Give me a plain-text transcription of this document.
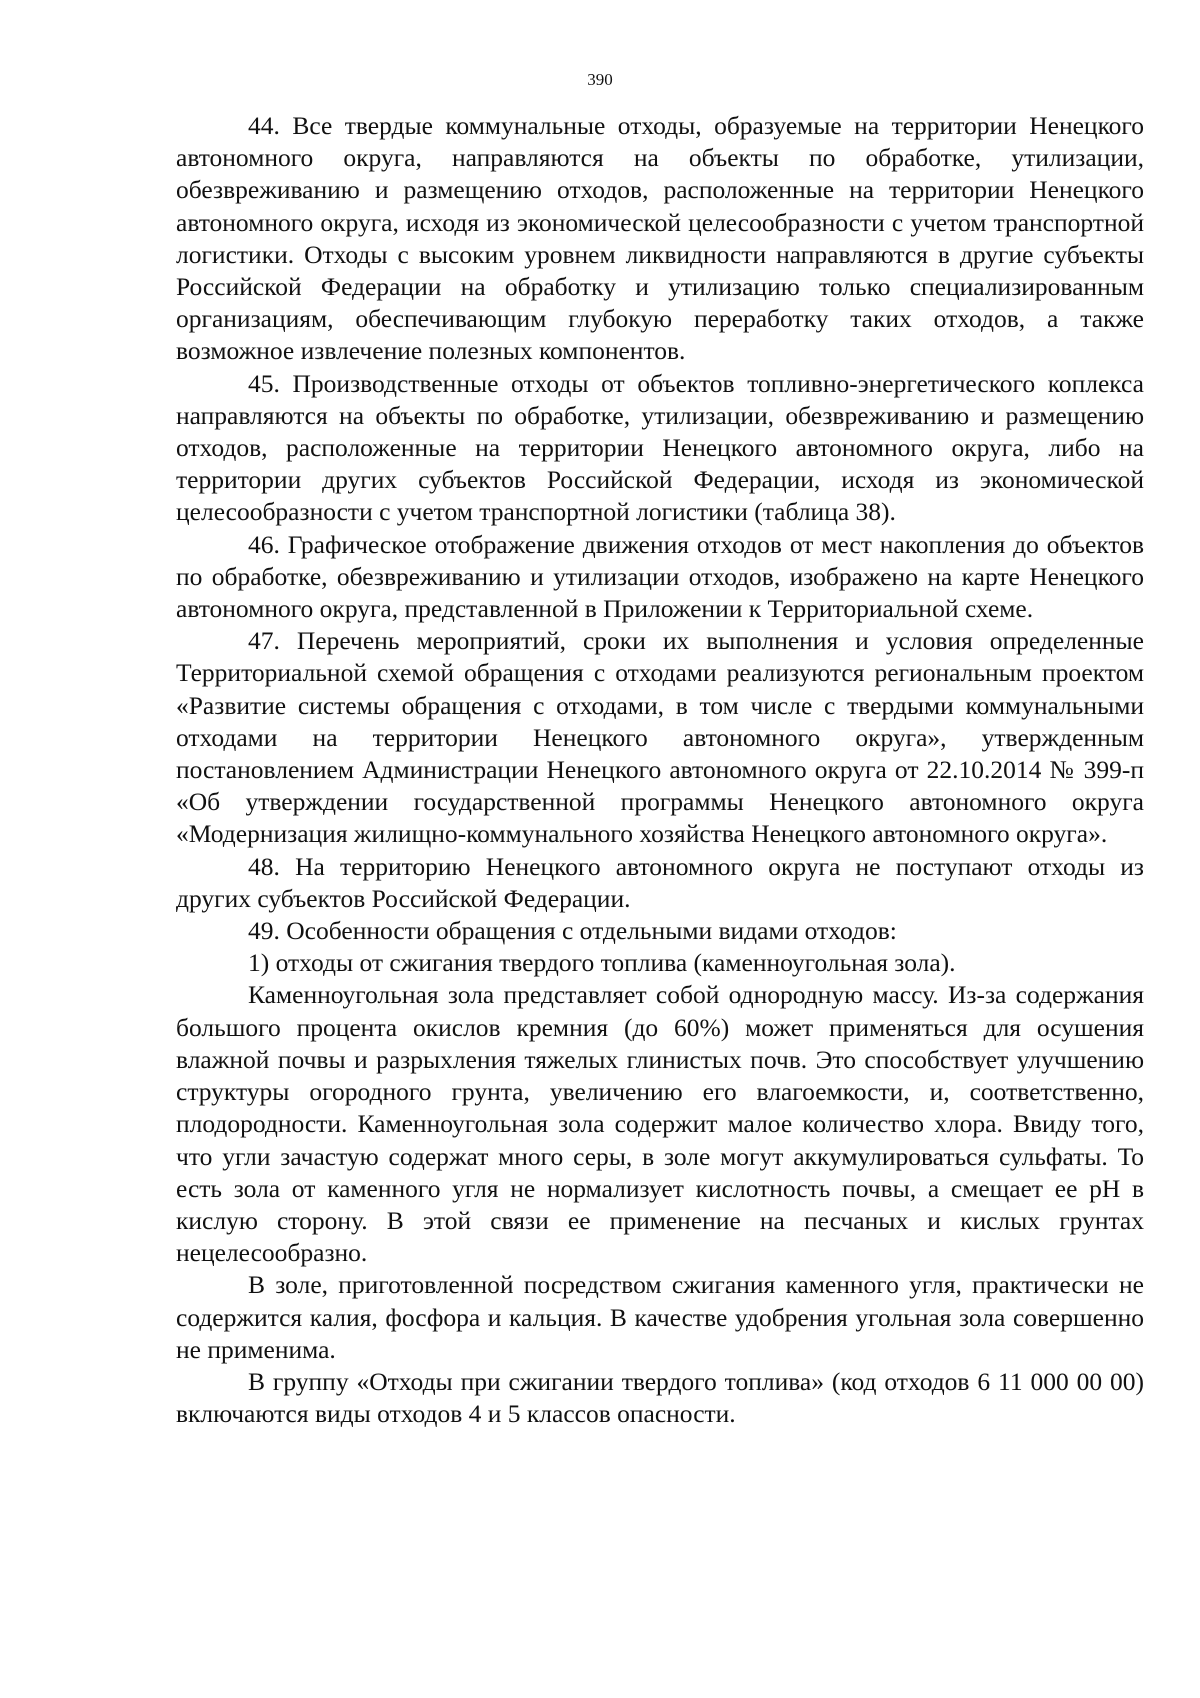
390

44. Все твердые коммунальные отходы, образуемые на территории Ненецкого автономного округа, направляются на объекты по обработке, утилизации, обезвреживанию и размещению отходов, расположенные на территории Ненецкого автономного округа, исходя из экономической целесообразности с учетом транспортной логистики. Отходы с высоким уровнем ликвидности направляются в другие субъекты Российской Федерации на обработку и утилизацию только специализированным организациям, обеспечивающим глубокую переработку таких отходов, а также возможное извлечение полезных компонентов.

45. Производственные отходы от объектов топливно-энергетического коплекса направляются на объекты по обработке, утилизации, обезвреживанию и размещению отходов, расположенные на территории Ненецкого автономного округа, либо на территории других субъектов Российской Федерации, исходя из экономической целесообразности с учетом транспортной логистики (таблица 38).

46. Графическое отображение движения отходов от мест накопления до объектов по обработке, обезвреживанию и утилизации отходов, изображено на карте Ненецкого автономного округа, представленной в Приложении к Территориальной схеме.

47. Перечень мероприятий, сроки их выполнения и условия определенные Территориальной схемой обращения с отходами реализуются региональным проектом «Развитие системы обращения с отходами, в том числе с твердыми коммунальными отходами на территории Ненецкого автономного округа», утвержденным постановлением Администрации Ненецкого автономного округа от 22.10.2014 № 399-п «Об утверждении государственной программы Ненецкого автономного округа «Модернизация жилищно-коммунального хозяйства Ненецкого автономного округа».

48. На территорию Ненецкого автономного округа не поступают отходы из других субъектов Российской Федерации.

49. Особенности обращения с отдельными видами отходов:

1) отходы от сжигания твердого топлива (каменноугольная зола).

Каменноугольная зола представляет собой однородную массу. Из-за содержания большого процента окислов кремния (до 60%) может применяться для осушения влажной почвы и разрыхления тяжелых глинистых почв. Это способствует улучшению структуры огородного грунта, увеличению его влагоемкости, и, соответственно, плодородности. Каменноугольная зола содержит малое количество хлора. Ввиду того, что угли зачастую содержат много серы, в золе могут аккумулироваться сульфаты. То есть зола от каменного угля не нормализует кислотность почвы, а смещает ее рН в кислую сторону. В этой связи ее применение на песчаных и кислых грунтах нецелесообразно.

В золе, приготовленной посредством сжигания каменного угля, практически не содержится калия, фосфора и кальция. В качестве удобрения угольная зола совершенно не применима.

В группу «Отходы при сжигании твердого топлива» (код отходов 6 11 000 00 00) включаются виды отходов 4 и 5 классов опасности.
